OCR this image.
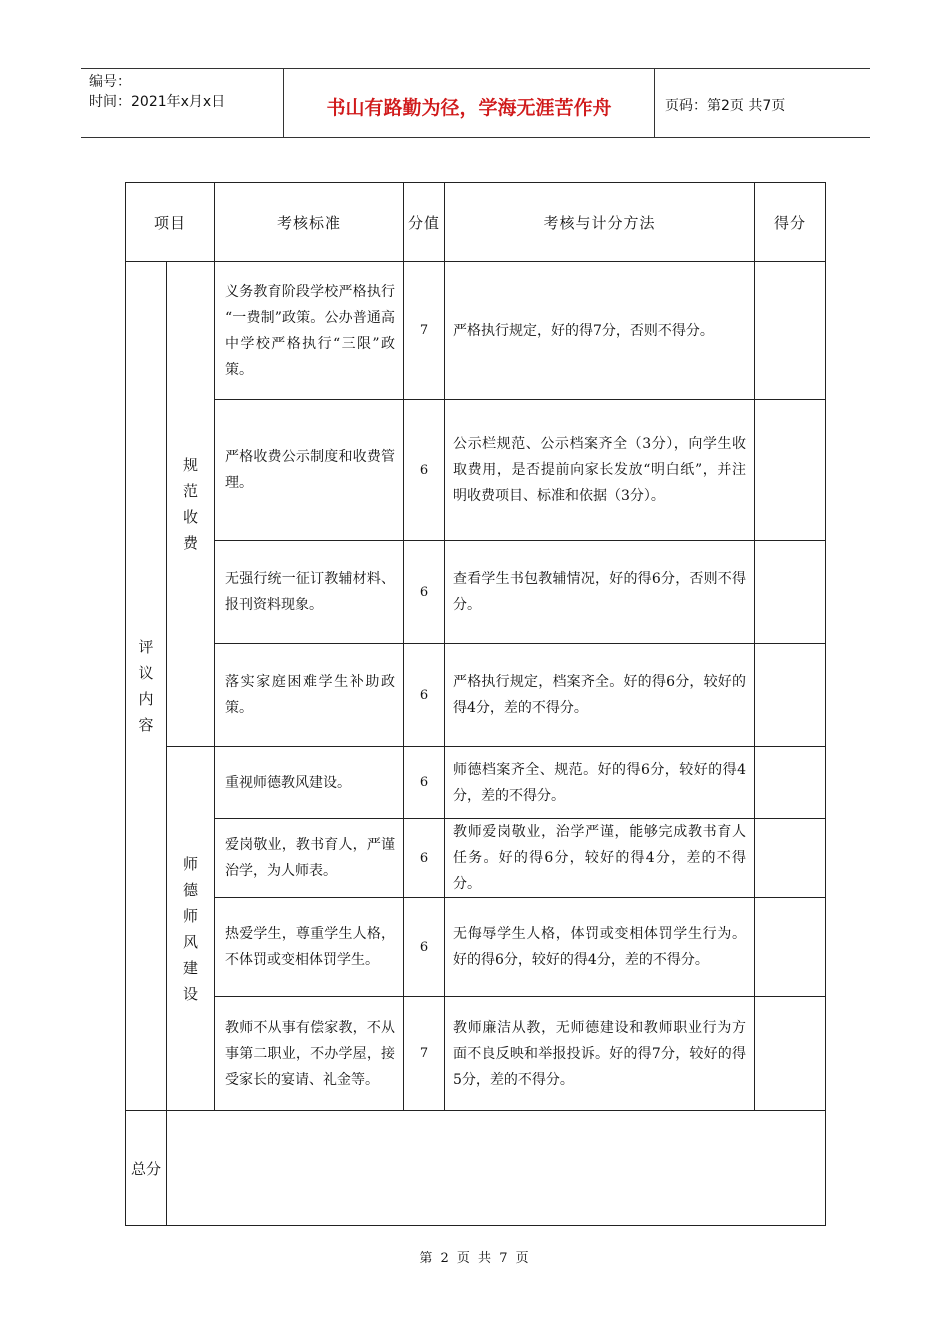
编号：
时间：2021年x月x日	书山有路勤为径，学海无涯苦作舟	页码：第2页 共7页
项目		考核标准	分值	考核与计分方法	得分

评议内容	规范收费	义务教育阶段学校严格执行 “一费制”政策。公办普通高中学校严格执行“三限”政策。	7	严格执行规定，好的得7分，否则不得分。	
		严格收费公示制度和收费管理。	6	公示栏规范、公示档案齐全（3分），向学生收取费用，是否提前向家长发放“明白纸”，并注明收费项目、标准和依据（3分）。	
		无强行统一征订教辅材料、报刊资料现象。	6	查看学生书包教辅情况，好的得6分，否则不得分。	
		落实家庭困难学生补助政策。	6	严格执行规定，档案齐全。好的得6分，较好的得4分，差的不得分。	

	师德师风建设	重视师德教风建设。	6	师德档案齐全、规范。好的得6分，较好的得4分，差的不得分。	
		爱岗敬业，教书育人，严谨治学，为人师表。	6	教师爱岗敬业，治学严谨，能够完成教书育人任务。好的得6分，较好的得4分，差的不得分。	
		热爱学生，尊重学生人格，不体罚或变相体罚学生。	6	无侮辱学生人格，体罚或变相体罚学生行为。好的得6分，较好的得4分，差的不得分。	
		教师不从事有偿家教，不从事第二职业，不办学屋，接受家长的宴请、礼金等。	7	教师廉洁从教，无师德建设和教师职业行为方面不良反映和举报投诉。好的得7分，较好的得5分，差的不得分。	
总分					
第 2 页 共 7 页
